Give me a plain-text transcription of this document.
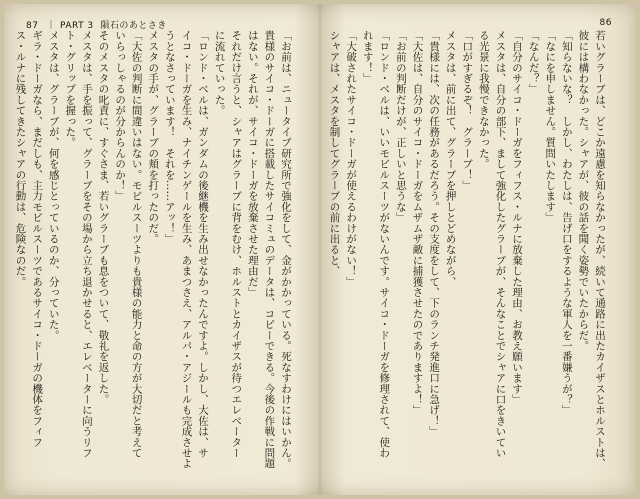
87 ｜ PART 3 隕石のあとさき

「お前は、ニュータイプ研究所で強化をして、金がかかっている。死なすわけにはいかん。

貴様のサイコ・ドーガに搭載したサイコミュのデータは、コピーできる。今後の作戦に問題

はない。それが、サイコ・ドーガを放棄させた理由だ」

それだけ言うと、シャアはグラーブに背をむけ、ホルストとカイザスが待つエレベーター

に流れていった。

「ロンド・ベルは、ガンダムの後継機を生み出せなかったんですよ。しかし、大佐は、サ

イコ・ドーガを生み、ナイチンゲールを生み、あまつさえ、アルパ・アジールも完成させよ

うとなさっています！　それを……アッ！」

メスタの手が、グラーブの頬を打ったのだ。

「大佐の判断に間違いはない。モビルスーツよりも貴様の能力と命の方が大切だと考えて

いらっしゃるのが分からんのか！」

そのメスタの叱責に、すぐさま、若いグラーブも息をついて、敬礼を返した。

メスタは、手を振って、グラーブをその場から立ち退かせると、エレベーターに向うリフ

ト・グリップを握った。

メスタは、グラーブが、何を感じとっているのか、分っていた。

ギラ・ドーガなら、まだしも、主力モビルスーツであるサイコ・ドーガの機体をフィフ

ス・ルナに残してきたシャアの行動は、危険なのだ。

86

若いグラーブは、どこか遠慮を知らなかったが、続いて通路に出たカイザスとホルストは、

彼には構わなかった。シャアが、彼の話を聞く姿勢でいたからだ。

「知らないな？　しかし、わたしは、告げ口をするような軍人を一番嫌うが？」

「なにを申しません。質問いたします」

「なんだ？」

「自分のサイコ・ドーガをフィフス・ルナに放棄した理由、お教え願います」

メスタは、自分の部下、まして強化したグラーブが、そんなことでシャアに口をきいてい

る光景に我慢できなかった。

「口がすぎるぞ！　グラーブ！」

メスタは、前に出て、グラーブを押しとどめながら、

「貴様には、次の任務があるだろう。その支度をして、下のランチ発進口に急げ！」

「大佐は、自分のサイコ・ドーガをムザムザ敵に捕獲させたのでありますよ！」

「お前の判断だけが、正しいと思うな」

「ロンド・ベルは、いいモビルスーツがないんです。サイコ・ドーガを修理されて、使わ

れます！」

「大破されたサイコ・ドーガが使えるわけがない！」

シャアは、メスタを制してグラーブの前に出ると、
